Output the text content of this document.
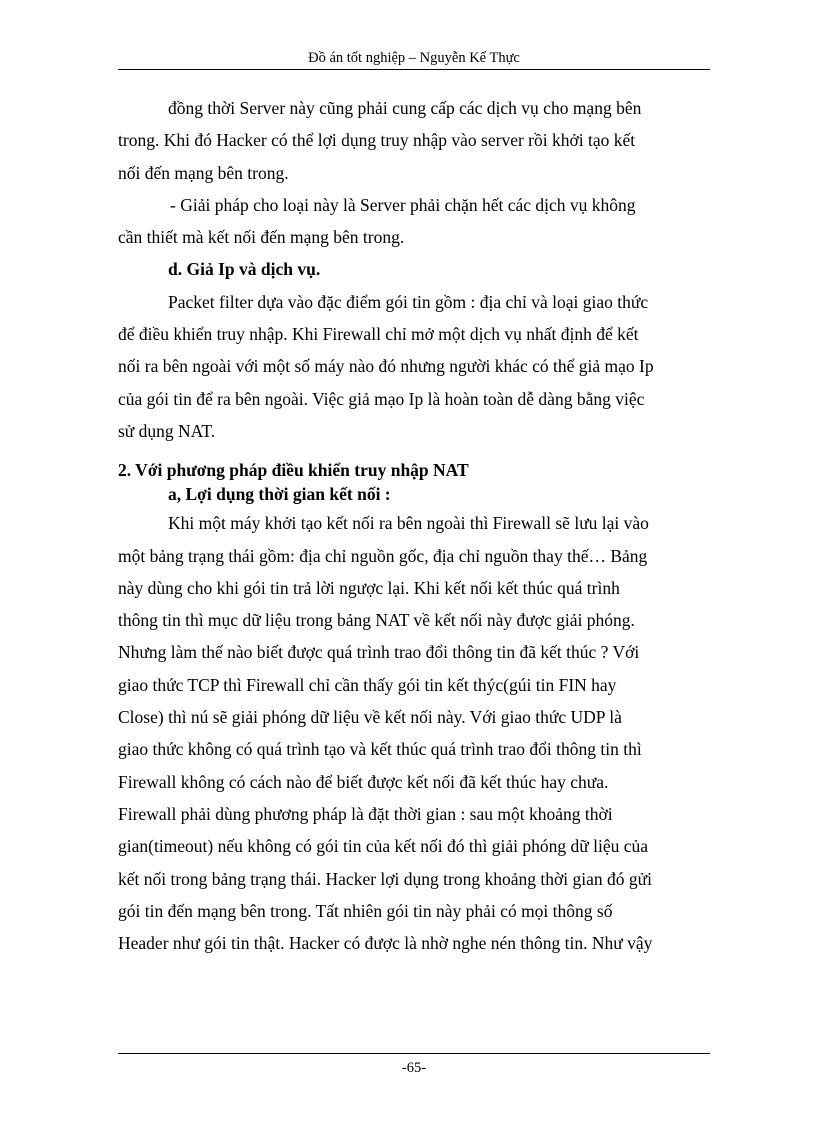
Đồ án tốt nghiệp – Nguyễn Kế Thực
đồng thời Server này cũng phải cung cấp các dịch vụ cho mạng bên
trong. Khi đó Hacker có thể lợi dụng truy nhập vào server rồi khởi tạo kết
nối đến mạng bên trong.
- Giải pháp cho loại này là Server phải chặn hết các dịch vụ không
cần thiết mà kết nối đến mạng bên trong.
d. Giả Ip và dịch vụ.
Packet filter dựa vào đặc điểm gói tin gồm : địa chỉ và loại giao thức
để điều khiển truy nhập. Khi Firewall chỉ mở một dịch vụ nhất định để kết
nối ra bên ngoài với một số máy nào đó nhưng người khác có thể giả mạo Ip
của gói tin để ra bên ngoài. Việc giả mạo Ip là hoàn toàn dễ dàng bằng việc
sử dụng NAT.
2. Với phương pháp điều khiển truy nhập NAT
a, Lợi dụng thời gian kết nối :
Khi một máy khởi tạo kết nối ra bên ngoài thì Firewall sẽ lưu lại vào
một bảng trạng thái gồm: địa chỉ nguồn gốc, địa chỉ nguồn thay thế… Bảng
này dùng cho khi gói tin trả lời ngược lại. Khi kết nối kết thúc quá trình
thông tin thì mục dữ liệu trong bảng NAT về kết nối này được giải phóng.
Nhưng làm thế nào biết được quá trình trao đổi thông tin đã kết thúc ? Với
giao thức TCP thì Firewall chỉ cần thấy gói tin kết thýc(gúi tin FIN hay
Close) thì nú sẽ giải phóng dữ liệu về kết nối này. Với giao thức UDP là
giao thức không có quá trình tạo và kết thúc quá trình trao đổi thông tin thì
Firewall không có cách nào để biết được kết nối đã kết thúc hay chưa.
Firewall phải dùng phương pháp là đặt thời gian : sau một khoảng thời
gian(timeout) nếu không có gói tin của kết nối đó thì giải phóng dữ liệu của
kết nối trong bảng trạng thái. Hacker lợi dụng trong khoảng thời gian đó gửi
gói tin đến mạng bên trong. Tất nhiên gói tin này phải có mọi thông số
Header như gói tin thật. Hacker có được là nhờ nghe nén thông tin. Như vậy
-65-
